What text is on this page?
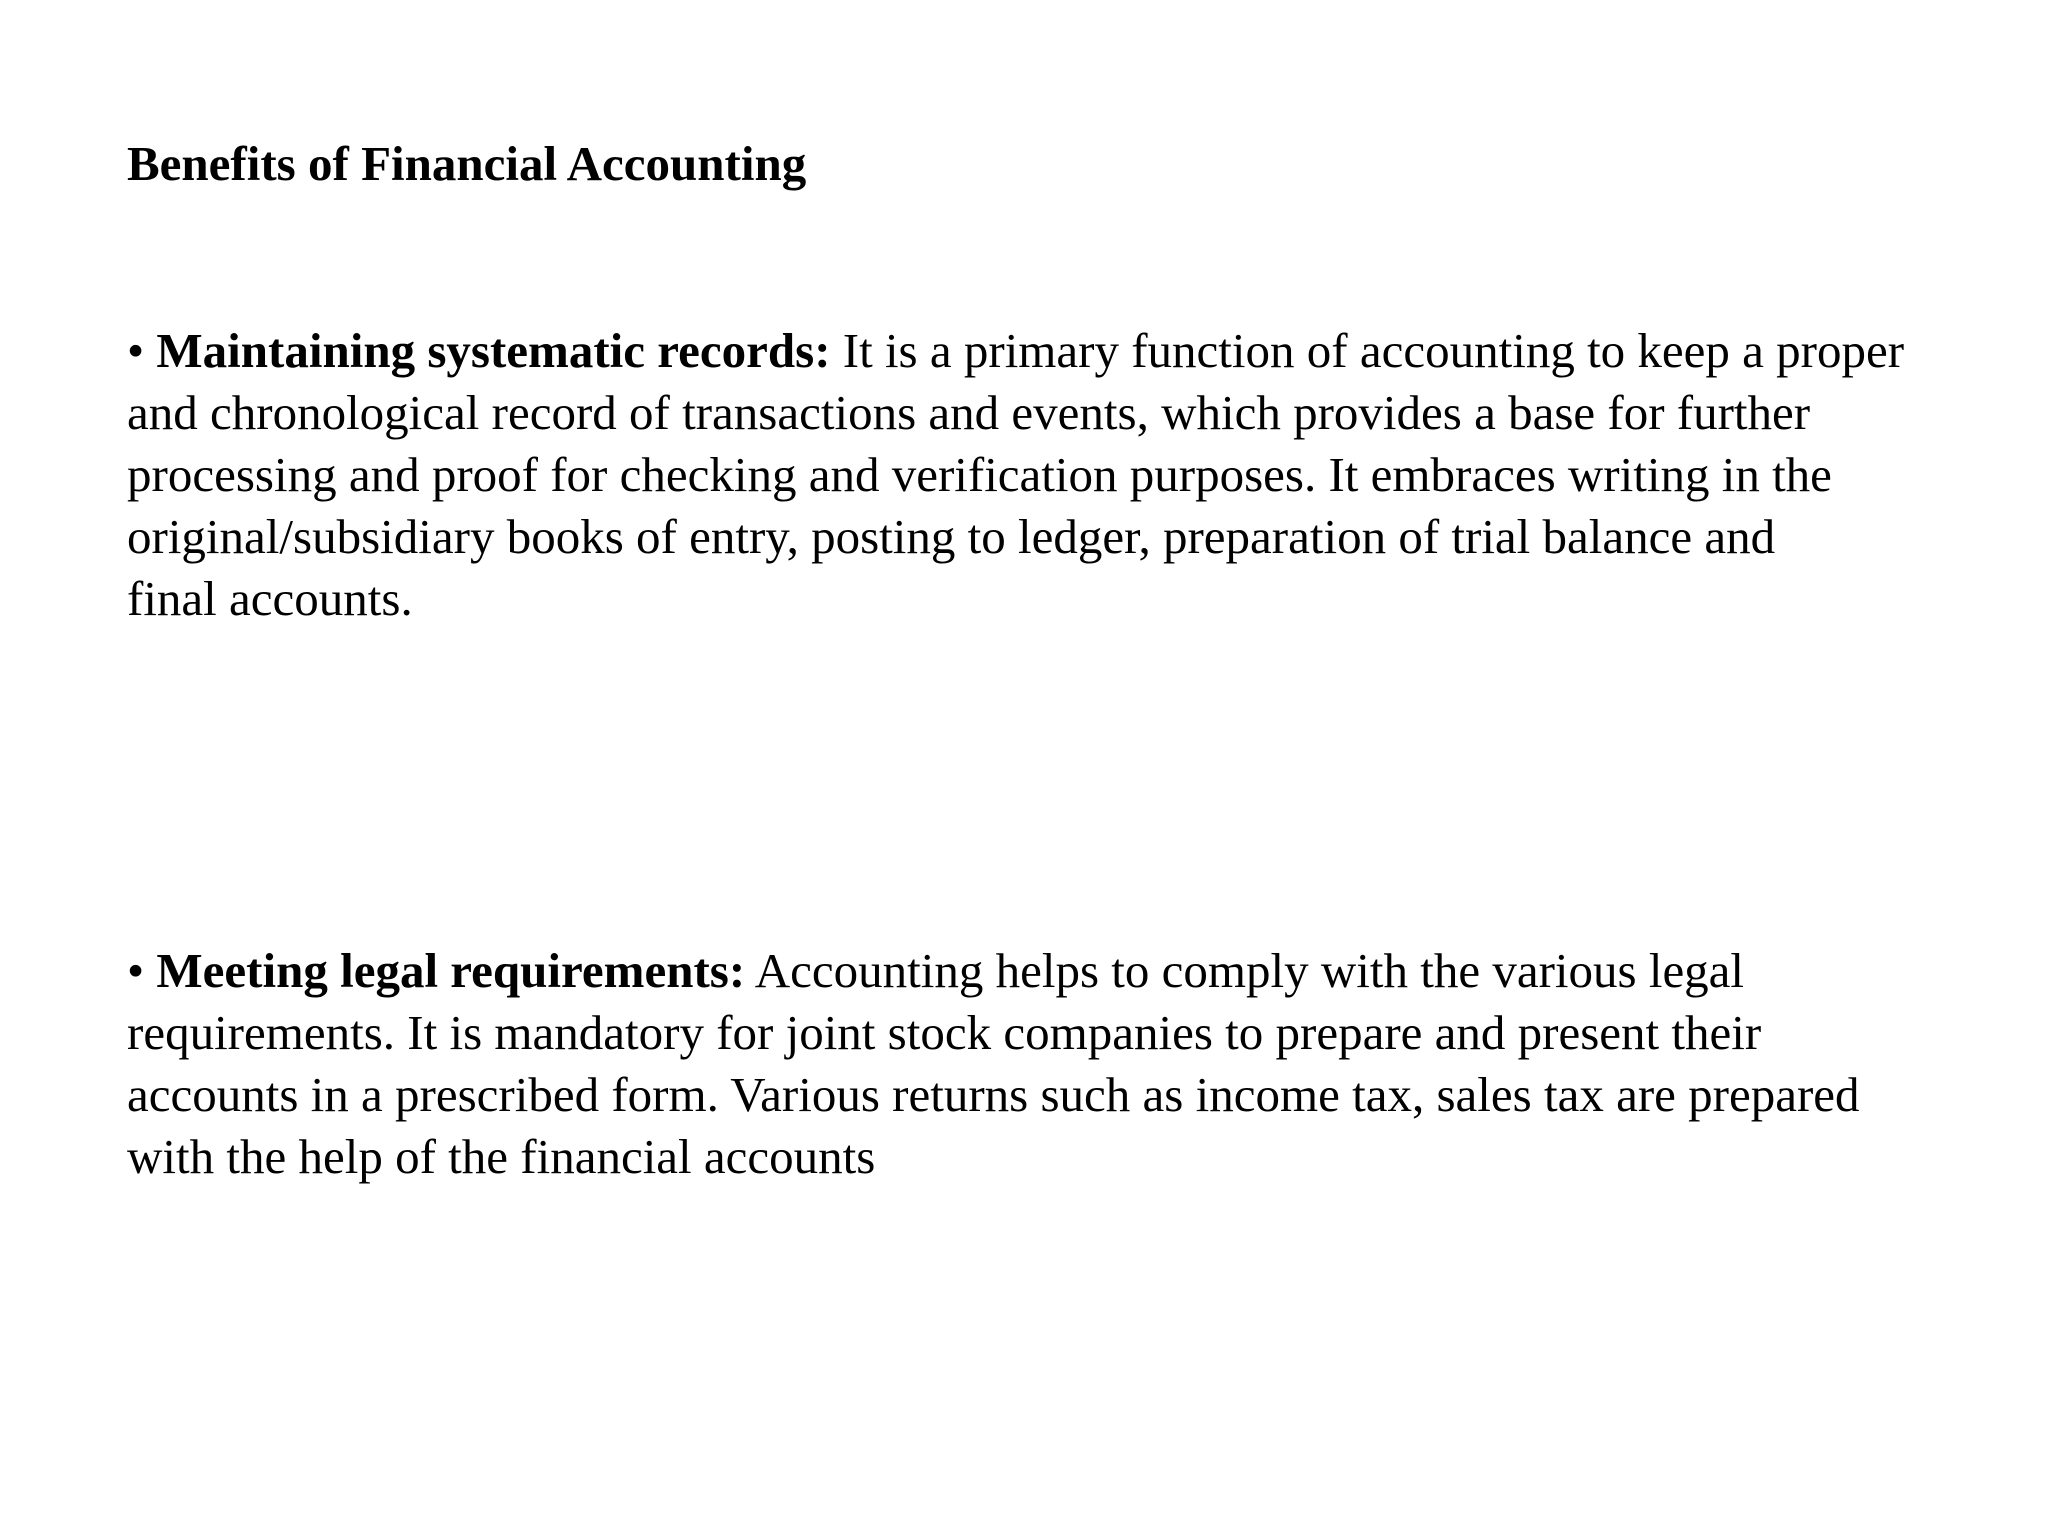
Benefits of Financial Accounting

• Maintaining systematic records: It is a primary function of accounting to keep a proper
and chronological record of transactions and events, which provides a base for further
processing and proof for checking and verification purposes. It embraces writing in the
original/subsidiary books of entry, posting to ledger, preparation of trial balance and
final accounts.

• Meeting legal requirements: Accounting helps to comply with the various legal
requirements. It is mandatory for joint stock companies to prepare and present their
accounts in a prescribed form. Various returns such as income tax, sales tax are prepared
with the help of the financial accounts
